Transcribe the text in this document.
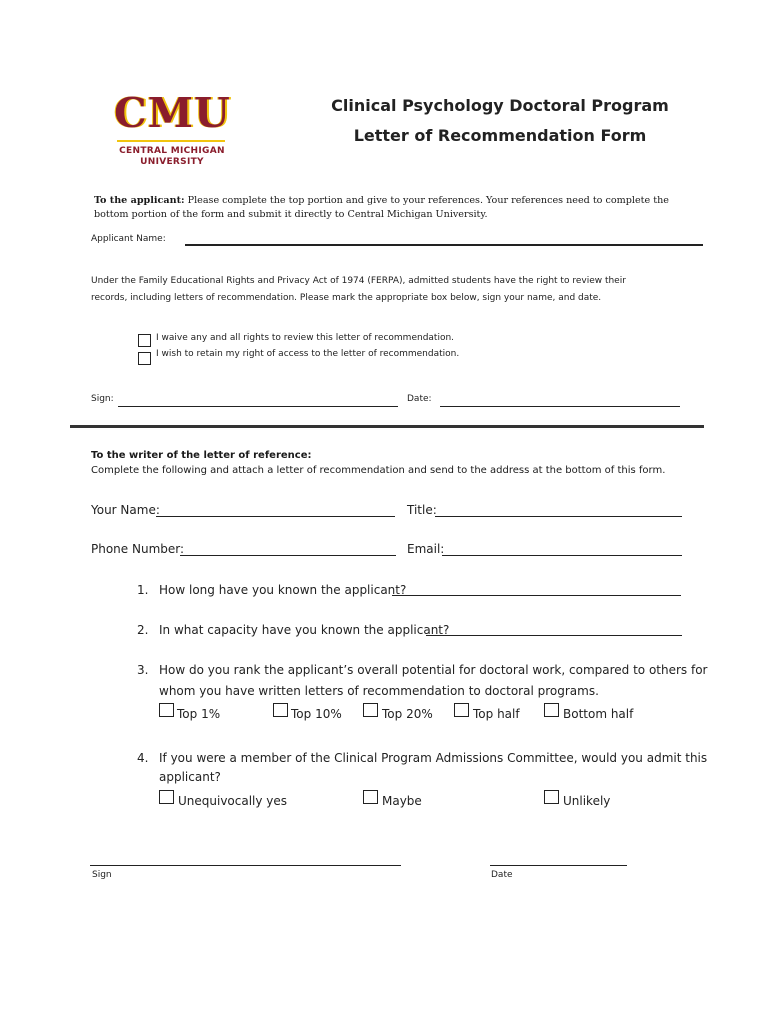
CMU
CENTRAL MICHIGAN
UNIVERSITY
Clinical Psychology Doctoral Program
Letter of Recommendation Form
To the applicant: Please complete the top portion and give to your references. Your references need to complete the bottom portion of the form and submit it directly to Central Michigan University.
Applicant Name:
Under the Family Educational Rights and Privacy Act of 1974 (FERPA), admitted students have the right to review their records, including letters of recommendation. Please mark the appropriate box below, sign your name, and date.
I waive any and all rights to review this letter of recommendation.
I wish to retain my right of access to the letter of recommendation.
Sign:	Date:
To the writer of the letter of reference:
Complete the following and attach a letter of recommendation and send to the address at the bottom of this form.
Your Name:	Title:
Phone Number:	Email:
1. How long have you known the applicant?
2. In what capacity have you known the applicant?
3. How do you rank the applicant’s overall potential for doctoral work, compared to others for
whom you have written letters of recommendation to doctoral programs.
Top 1%	Top 10%	Top 20%	Top half	Bottom half
4. If you were a member of the Clinical Program Admissions Committee, would you admit this
applicant?
Unequivocally yes	Maybe	Unlikely
Sign	Date
